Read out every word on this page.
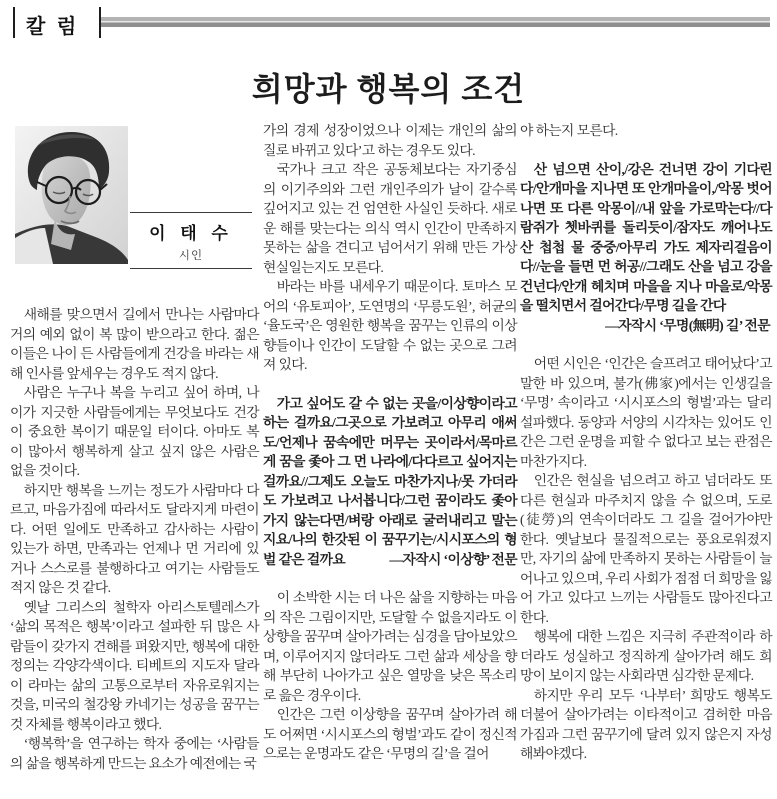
칼 럼
희망과 행복의 조건
이 태 수
시인

새해를 맞으면서 길에서 만나는 사람마다 거의 예외 없이 복 많이 받으라고 한다. 젊은이들은 나이 든 사람들에게 건강을 바라는 새해 인사를 앞세우는 경우도 적지 않다.

사람은 누구나 복을 누리고 싶어 하며, 나이가 지긋한 사람들에게는 무엇보다도 건강이 중요한 복이기 때문일 터이다. 아마도 복이 많아서 행복하게 살고 싶지 않은 사람은 없을 것이다.

하지만 행복을 느끼는 정도가 사람마다 다르고, 마음가짐에 따라서도 달라지게 마련이다. 어떤 일에도 만족하고 감사하는 사람이 있는가 하면, 만족과는 언제나 먼 거리에 있거나 스스로를 불행하다고 여기는 사람들도 적지 않은 것 같다.

옛날 그리스의 철학자 아리스토텔레스가 ‘삶의 목적은 행복’이라고 설파한 뒤 많은 사람들이 갖가지 견해를 펴왔지만, 행복에 대한 정의는 각양각색이다. 티베트의 지도자 달라이 라마는 삶의 고통으로부터 자유로워지는 것을, 미국의 철강왕 카네기는 성공을 꿈꾸는 것 자체를 행복이라고 했다.

‘행복학’을 연구하는 학자 중에는 ‘사람들의 삶을 행복하게 만드는 요소가 예전에는 국

가의 경제 성장이었으나 이제는 개인의 삶의 질로 바뀌고 있다’고 하는 경우도 있다.

국가나 크고 작은 공동체보다는 자기중심의 이기주의와 그런 개인주의가 날이 갈수록 깊어지고 있는 건 엄연한 사실인 듯하다. 새로운 해를 맞는다는 의식 역시 인간이 만족하지 못하는 삶을 견디고 넘어서기 위해 만든 가상현실일는지도 모른다.

바라는 바를 내세우기 때문이다. 토마스 모어의 ‘유토피아’, 도연명의 ‘무릉도원’, 허균의 ‘율도국’은 영원한 행복을 꿈꾸는 인류의 이상향들이나 인간이 도달할 수 없는 곳으로 그려져 있다.

가고 싶어도 갈 수 없는 곳을/이상향이라고 하는 걸까요/그곳으로 가보려고 아무리 애써도/언제나 꿈속에만 머무는 곳이라서/목마르게 꿈을 좇아 그 먼 나라에/다다르고 싶어지는 걸까요//그제도 오늘도 마찬가지나/못 가더라도 가보려고 나서봅니다/그런 꿈이라도 좇아가지 않는다면/벼랑 아래로 굴러내리고 말는지요/나의 한갓된 이 꿈꾸기는/시시포스의 형벌 같은 걸까요	—자작시 ‘이상향’ 전문

이 소박한 시는 더 나은 삶을 지향하는 마음의 작은 그림이지만, 도달할 수 없을지라도 이상향을 꿈꾸며 살아가려는 심경을 담아보았으며, 이루어지지 않더라도 그런 삶과 세상을 향해 부단히 나아가고 싶은 열망을 낮은 목소리로 읊은 경우이다.

인간은 그런 이상향을 꿈꾸며 살아가려 해도 어쩌면 ‘시시포스의 형벌’과도 같이 정신적으로는 운명과도 같은 ‘무명의 길’을 걸어

야 하는지 모른다.

산 넘으면 산이,/강은 건너면 강이 기다린다/안개마을 지나면 또 안개마을이,/악몽 벗어나면 또 다른 악몽이//내 앞을 가로막는다//다람쥐가 쳇바퀴를 돌리듯이/잠자도 깨어나도 산 첩첩 물 중중/아무리 가도 제자리걸음이다//눈을 들면 먼 허공//그래도 산을 넘고 강을 건넌다/안개 헤치며 마을을 지나 마을로/악몽을 떨치면서 걸어간다/무명 길을 간다

—자작시 ‘무명(無明) 길’ 전문

어떤 시인은 ‘인간은 슬프려고 태어났다’고 말한 바 있으며, 불가(佛家)에서는 인생길을 ‘무명’ 속이라고 ‘시시포스의 형벌’과는 달리 설파했다. 동양과 서양의 시각차는 있어도 인간은 그런 운명을 피할 수 없다고 보는 관점은 마찬가지다.

인간은 현실을 넘으려고 하고 넘더라도 또 다른 현실과 마주치지 않을 수 없으며, 도로(徒勞)의 연속이더라도 그 길을 걸어가야만 한다. 옛날보다 물질적으로는 풍요로워졌지만, 자기의 삶에 만족하지 못하는 사람들이 늘어나고 있으며, 우리 사회가 점점 더 희망을 잃어 가고 있다고 느끼는 사람들도 많아진다고 한다.

행복에 대한 느낌은 지극히 주관적이라 하더라도 성실하고 정직하게 살아가려 해도 희망이 보이지 않는 사회라면 심각한 문제다.

하지만 우리 모두 ‘나부터’ 희망도 행복도 더불어 살아가려는 이타적이고 겸허한 마음가짐과 그런 꿈꾸기에 달려 있지 않은지 자성해봐야겠다.
